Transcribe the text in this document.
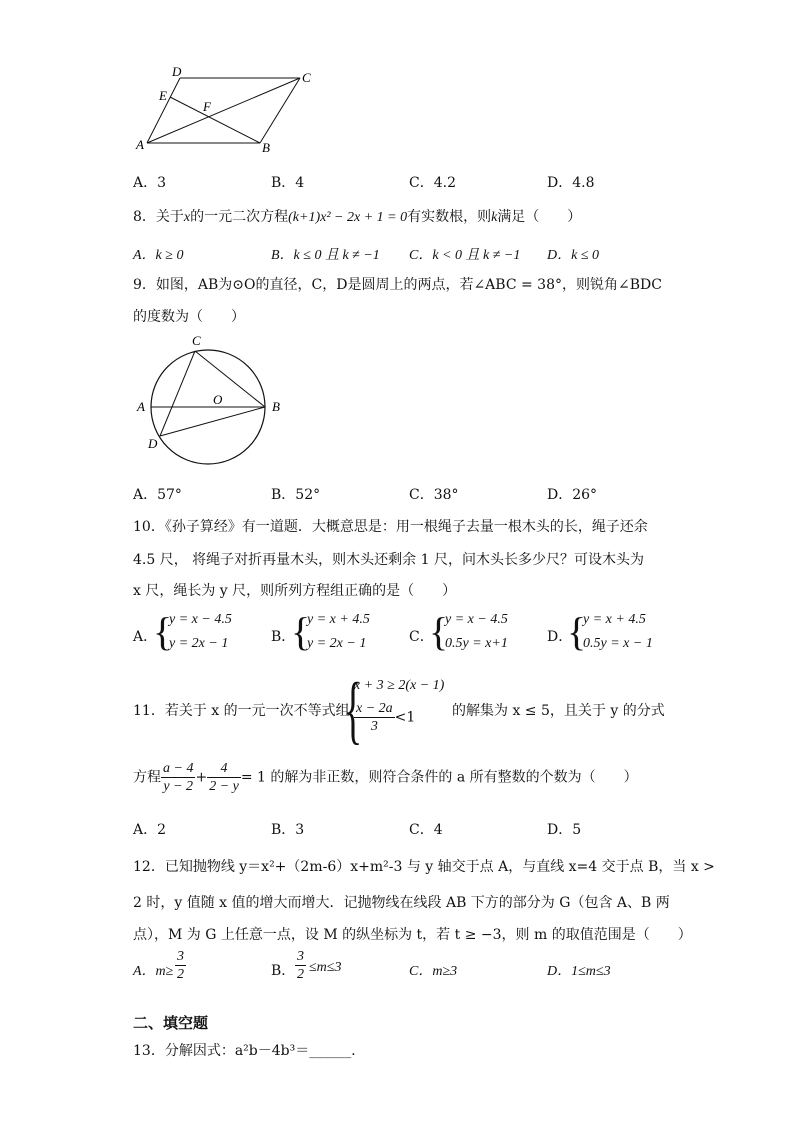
D	C
E
F
A	B
A．3	B．4	C．4.2	D．4.8
8．关于x的一元二次方程(k+1)x² − 2x + 1 = 0有实数根，则k满足（　　）
A．k ≥ 0	B．k ≤ 0 且 k ≠ −1 C．k < 0 且 k ≠ −1 D．k ≤ 0
9．如图，AB为⊙O的直径，C，D是圆周上的两点，若∠ABC = 38°，则锐角∠BDC
的度数为（　　）
C
A	O	B
D
A．57°	B．52°	C．38°	D．26°
10．《孙子算经》有一道题．大概意思是：用一根绳子去量一根木头的长，绳子还余
4.5 尺， 将绳子对折再量木头，则木头还剩余 1 尺，问木头长多少尺？可设木头为
x 尺，绳长为 y 尺，则所列方程组正确的是（　　）
A．
{
y = x − 4.5
y = 2x − 1	B．
{
y = x + 4.5
y = 2x − 1	C．
{
y = x − 4.5
0.5y = x+1	D．
{
y = x + 4.5
0.5y = x − 1
11．若关于 x 的一元一次不等式组
{
x + 3 ≥ 2(x − 1)
$\frac{x - 2a}{3} <1$	的解集为 x ≤ 5，且关于 y 的分式
方程 $\frac{a - 4}{y - 2} + \frac{4}{2 - y} = 1$ 的解为非正数，则符合条件的 a 所有整数的个数为（　　）
A．2	B．3	C．4	D．5
12．已知抛物线 y＝x²+（2m-6）x+m²-3 与 y 轴交于点 A，与直线 x=4 交于点 B，当 x >
2 时，y 值随 x 值的增大而增大．记抛物线在线段 AB 下方的部分为 G（包含 A、B 两
点），M 为 G 上任意一点，设 M 的纵坐标为 t，若 t ≥ −3，则 m 的取值范围是（　　）
A．$m\ge \frac{3}{2}$	B． $\frac{3}{2} \le m\le 3$	C．m≥3	D．1≤m≤3
二、填空题
13．分解因式：a²b－4b³＝______．
